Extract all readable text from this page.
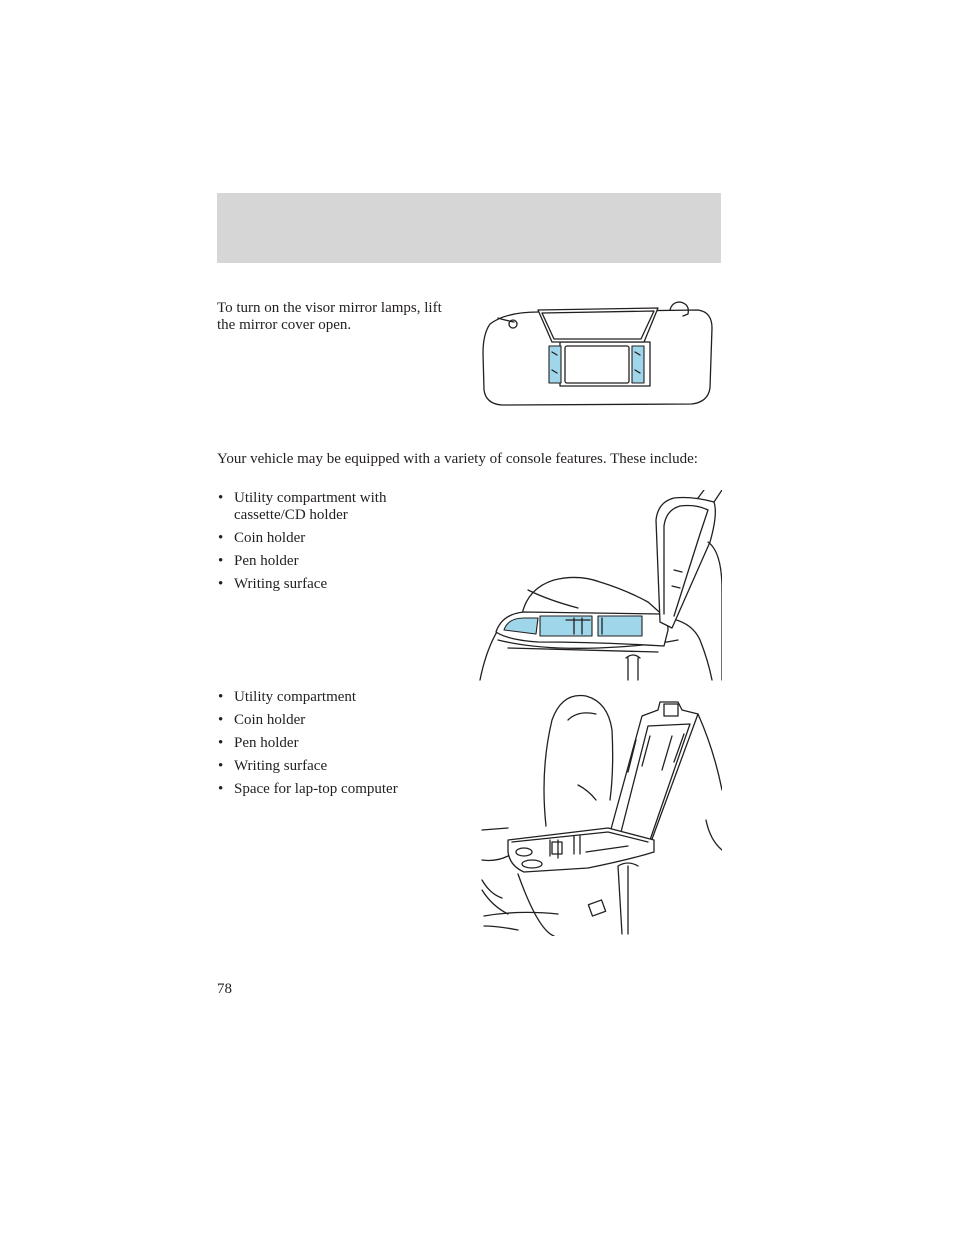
To turn on the visor mirror lamps, lift the mirror cover open.

Your vehicle may be equipped with a variety of console features. These include:

• Utility compartment with cassette/CD holder
• Coin holder
• Pen holder
• Writing surface
• Utility compartment
• Coin holder
• Pen holder
• Writing surface
• Space for lap-top computer
78
